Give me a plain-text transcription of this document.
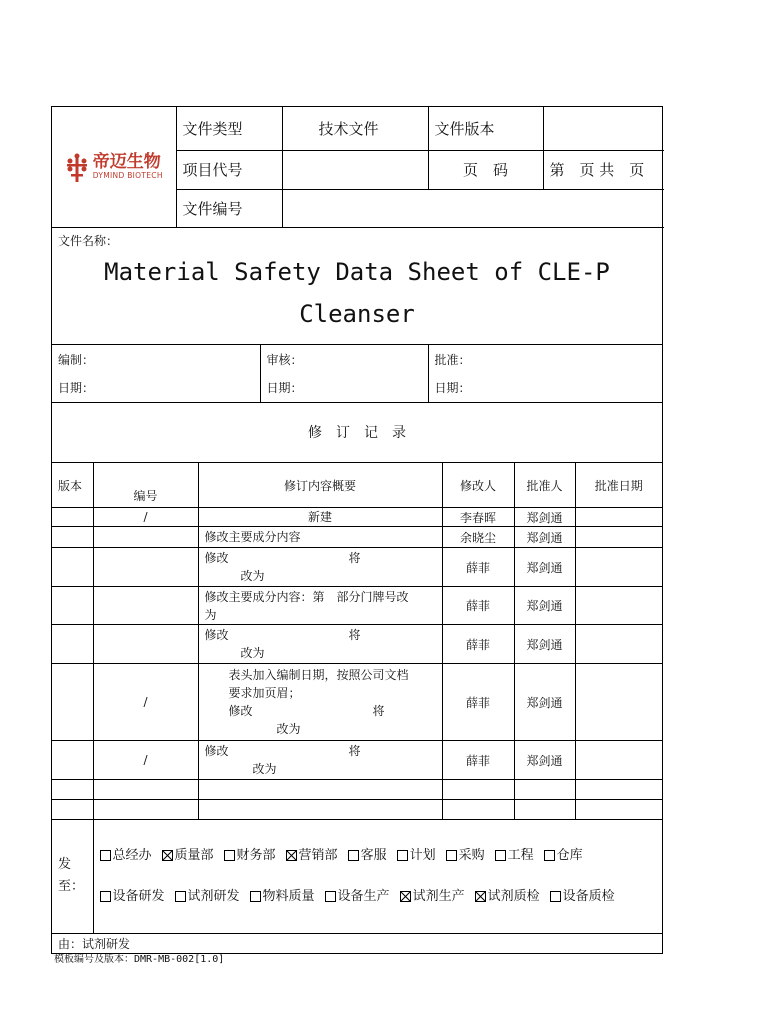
帝迈生物
DYMIND BIOTECH	文件类型	技术文件	文件版本	
	项目代号		页　码	第　页 共　页
	文件编号			
文件名称：
Material Safety Data Sheet of CLE-P
Cleanser
编制：	审核：	批准：
日期：	日期：	日期：
修　订　记　录
版本	编号	修订内容概要	修改人	批准人	批准日期
	/	新建	李春晖	郑剑通	

		修改主要成分内容	余晓尘	郑剑通	

		修改　　　　　　　　　　将
　　　改为	薛菲	郑剑通	

		修改主要成分内容：第　部分门牌号改
为	薛菲	郑剑通	

		修改　　　　　　　　　　将
　　　改为	薛菲	郑剑通	
	/	表头加入编制日期，按照公司文档
要求加页眉；
修改　　　　　　　　　　将
　　　　改为	薛菲	郑剑通	
	/	修改　　　　　　　　　　将
　　　　改为	薛菲	郑剑通	

发至：

总经办 质量部 财务部 营销部 客服 计划 采购 工程 仓库
设备研发 试剂研发 物料质量 设备生产 试剂生产 试剂质检 设备质检
由：试剂研发
模板编号及版本：DMR-MB-002[1.0]
